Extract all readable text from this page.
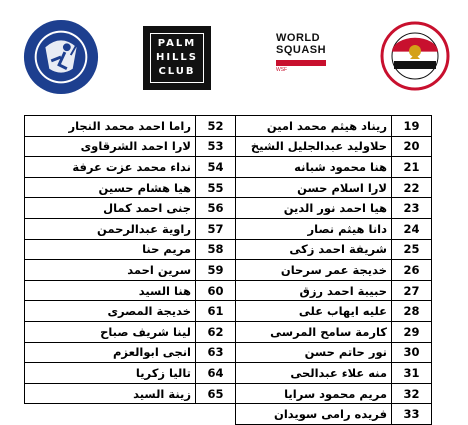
PALM
HILLS
CLUB
WORLD
SQUASH
WSF
راما احمد محمد النجار	52	ريناد هيثم محمد امين	19
لارا احمد الشرقاوى	53	حلاوليد عبدالجليل الشيخ	20
نداء محمد عزت عرفة	54	هنا محمود شبانه	21
هيا هشام حسين	55	لارا اسلام حسن	22
جنى احمد كمال	56	هيا احمد نور الدين	23
راوية عبدالرحمن	57	دانا هيثم نصار	24
مريم حنا	58	شريفة احمد زكى	25
سرين احمد	59	خديجة عمر سرحان	26
هنا السيد	60	حبيبة احمد رزق	27
خديجة المصرى	61	عليه ايهاب على	28
لينا شريف صباح	62	كارمة سامح المرسى	29
انجى ابوالعزم	63	نور حاتم حسن	30
تاليا زكريا	64	منه علاء عبدالحى	31
زينة السيد	65	مريم محمود سرايا	32
		فريده رامى سويدان	33
